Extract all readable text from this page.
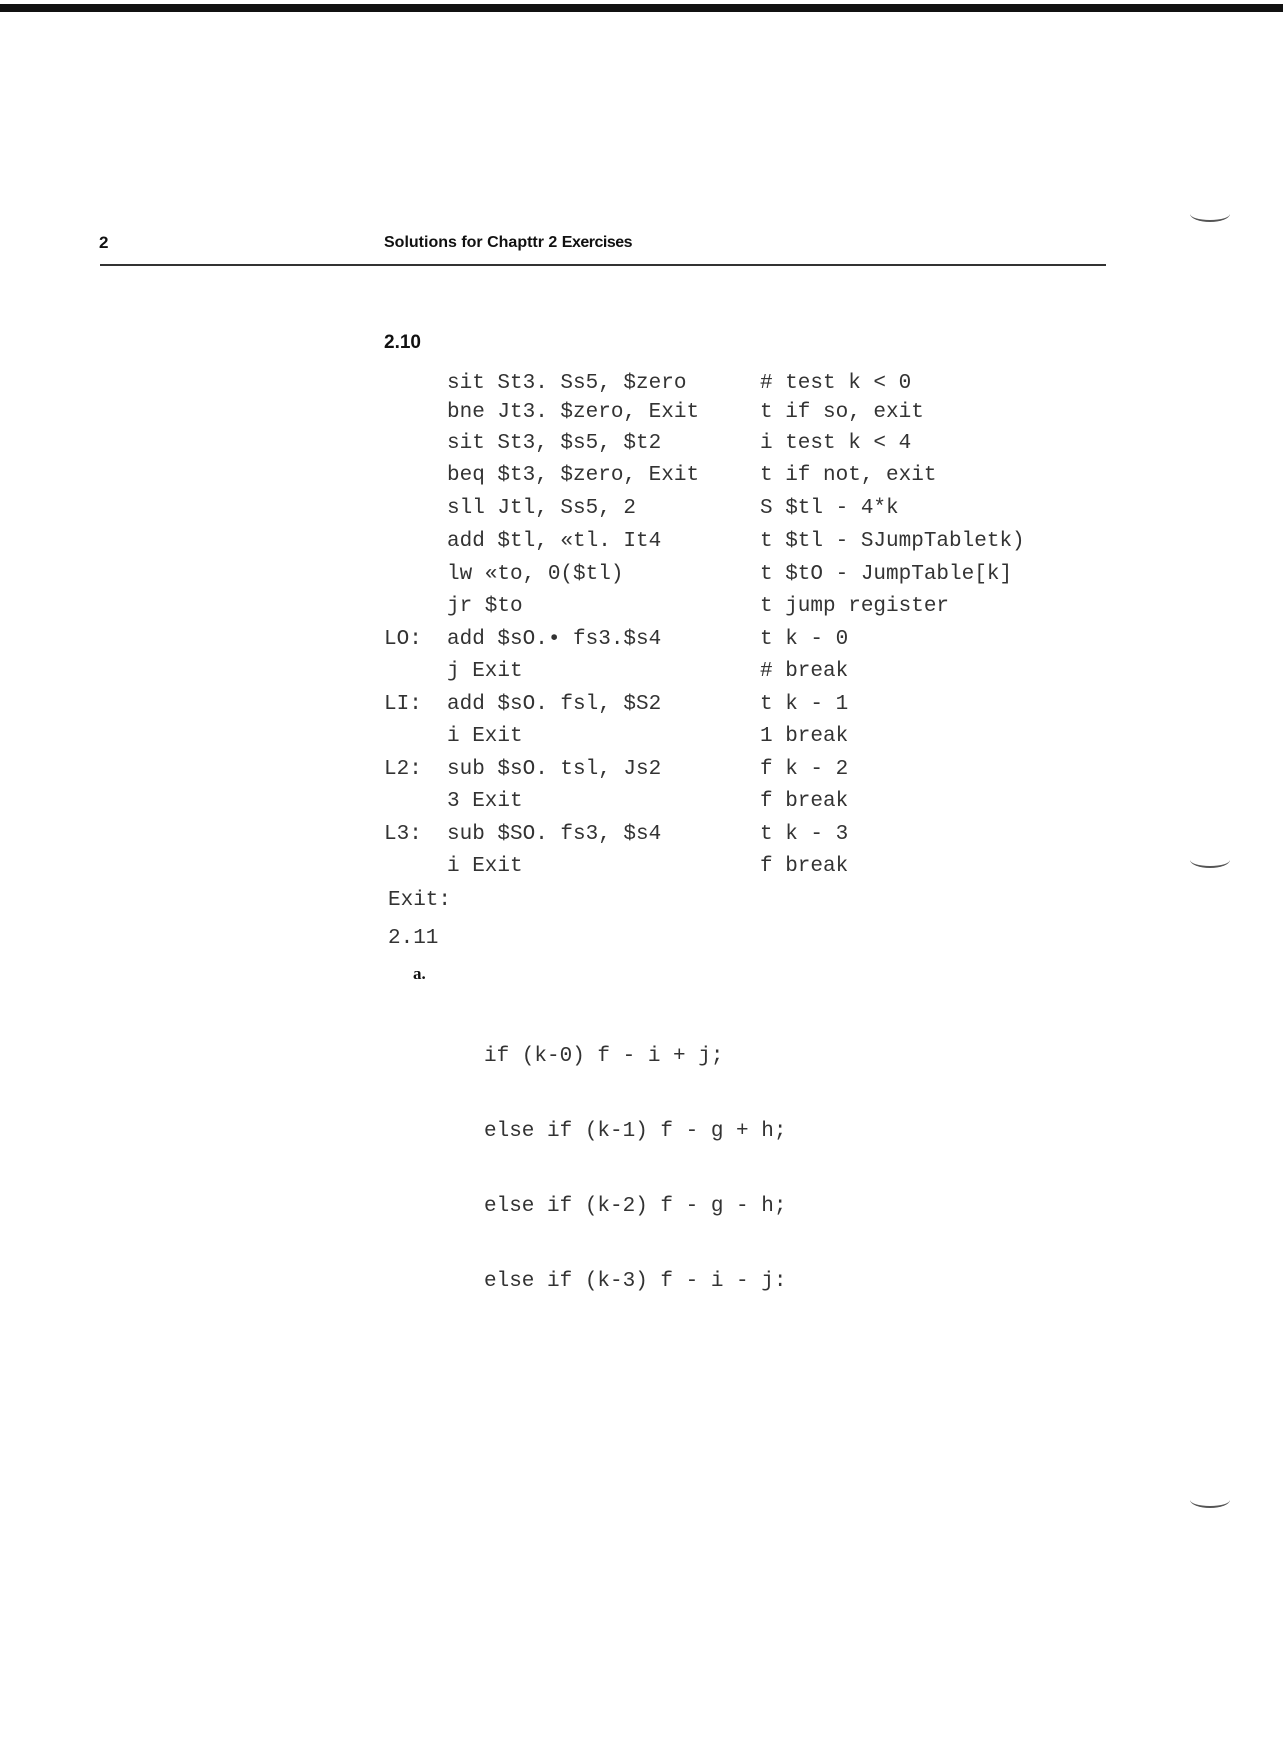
2	Solutions for Chapttr 2 Exercises
2.10
sit St3. Ss5, $zero	# test k < 0
bne Jt3. $zero, Exit	t if so, exit
sit St3, $s5, $t2	i test k < 4
beq $t3, $zero, Exit	t if not, exit
sll Jtl, Ss5, 2	S $tl - 4*k
add $tl, «tl. It4	t $tl - SJumpTabletk)
lw «to, 0($tl)	t $tO - JumpTable[k]
jr $to	t jump register
LO:	add $sO.• fs3.$s4	t k - 0
j Exit	# break
LI:	add $sO. fsl, $S2	t k - 1
i Exit	1 break
L2:	sub $sO. tsl, Js2	f k - 2
3 Exit	f break
L3:	sub $SO. fs3, $s4	t k - 3
i Exit	f break
Exit:
2.11
a.

if (k-0) f - i + j;

else if (k-1) f - g + h;

else if (k-2) f - g - h;

else if (k-3) f - i - j:
